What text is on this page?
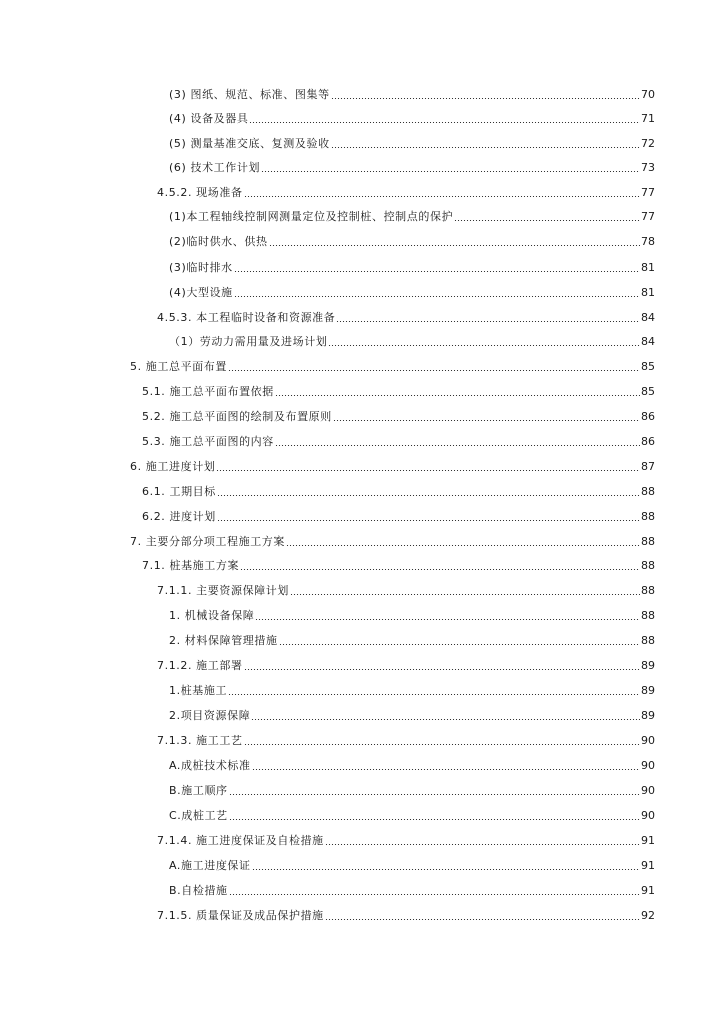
(3) 图纸、规范、标准、图集等	70
(4) 设备及器具	71
(5) 测量基准交底、复测及验收	72
(6) 技术工作计划	73
4.5.2. 现场准备	77
(1)本工程轴线控制网测量定位及控制桩、控制点的保护	77
(2)临时供水、供热	78
(3)临时排水	81
(4)大型设施	81
4.5.3. 本工程临时设备和资源准备	84
（1）劳动力需用量及进场计划	84
5. 施工总平面布置	85
5.1. 施工总平面布置依据	85
5.2. 施工总平面图的绘制及布置原则	86
5.3. 施工总平面图的内容	86
6. 施工进度计划	87
6.1. 工期目标	88
6.2. 进度计划	88
7. 主要分部分项工程施工方案	88
7.1. 桩基施工方案	88
7.1.1. 主要资源保障计划	88
1. 机械设备保障	88
2. 材料保障管理措施	88
7.1.2. 施工部署	89
1.桩基施工	89
2.项目资源保障	89
7.1.3. 施工工艺	90
A.成桩技术标准	90
B.施工顺序	90
C.成桩工艺	90
7.1.4. 施工进度保证及自检措施	91
A.施工进度保证	91
B.自检措施	91
7.1.5. 质量保证及成品保护措施	92
